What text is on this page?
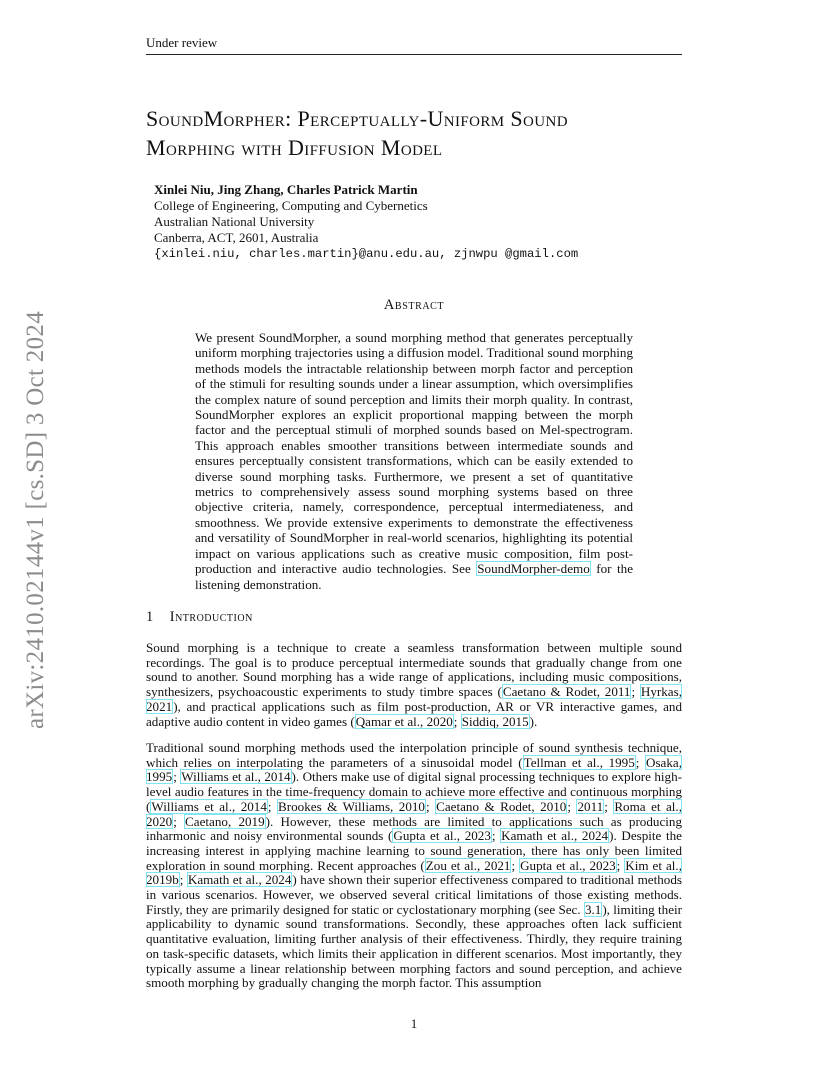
Under review
arXiv:2410.02144v1 [cs.SD] 3 Oct 2024
SoundMorpher: Perceptually-Uniform Sound
Morphing with Diffusion Model
Xinlei Niu, Jing Zhang, Charles Patrick Martin
College of Engineering, Computing and Cybernetics
Australian National University
Canberra, ACT, 2601, Australia
{xinlei.niu, charles.martin}@anu.edu.au, zjnwpu @gmail.com
Abstract
We present SoundMorpher, a sound morphing method that generates perceptually uniform morphing trajectories using a diffusion model. Traditional sound morphing methods models the intractable relationship between morph factor and perception of the stimuli for resulting sounds under a linear assumption, which oversimplifies the complex nature of sound perception and limits their morph quality. In contrast, SoundMorpher explores an explicit proportional mapping between the morph factor and the perceptual stimuli of morphed sounds based on Mel-spectrogram. This approach enables smoother transitions between intermediate sounds and ensures perceptually consistent transformations, which can be easily extended to diverse sound morphing tasks. Furthermore, we present a set of quantitative metrics to comprehensively assess sound morphing systems based on three objective criteria, namely, correspondence, perceptual intermediateness, and smoothness. We provide extensive experiments to demonstrate the effectiveness and versatility of SoundMorpher in real-world scenarios, highlighting its potential impact on various applications such as creative music composition, film post-production and interactive audio technologies. See SoundMorpher-demo for the listening demonstration.
1 Introduction
Sound morphing is a technique to create a seamless transformation between multiple sound recordings. The goal is to produce perceptual intermediate sounds that gradually change from one sound to another. Sound morphing has a wide range of applications, including music compositions, synthesizers, psychoacoustic experiments to study timbre spaces (Caetano & Rodet, 2011; Hyrkas, 2021), and practical applications such as film post-production, AR or VR interactive games, and adaptive audio content in video games (Qamar et al., 2020; Siddiq, 2015).
Traditional sound morphing methods used the interpolation principle of sound synthesis technique, which relies on interpolating the parameters of a sinusoidal model (Tellman et al., 1995; Osaka, 1995; Williams et al., 2014). Others make use of digital signal processing techniques to explore high-level audio features in the time-frequency domain to achieve more effective and continuous morphing (Williams et al., 2014; Brookes & Williams, 2010; Caetano & Rodet, 2010; 2011; Roma et al., 2020; Caetano, 2019). However, these methods are limited to applications such as producing inharmonic and noisy environmental sounds (Gupta et al., 2023; Kamath et al., 2024). Despite the increasing interest in applying machine learning to sound generation, there has only been limited exploration in sound morphing. Recent approaches (Zou et al., 2021; Gupta et al., 2023; Kim et al., 2019b; Kamath et al., 2024) have shown their superior effectiveness compared to traditional methods in various scenarios. However, we observed several critical limitations of those existing methods. Firstly, they are primarily designed for static or cyclostationary morphing (see Sec. 3.1), limiting their applicability to dynamic sound transformations. Secondly, these approaches often lack sufficient quantitative evaluation, limiting further analysis of their effectiveness. Thirdly, they require training on task-specific datasets, which limits their application in different scenarios. Most importantly, they typically assume a linear relationship between morphing factors and sound perception, and achieve smooth morphing by gradually changing the morph factor. This assumption
1
